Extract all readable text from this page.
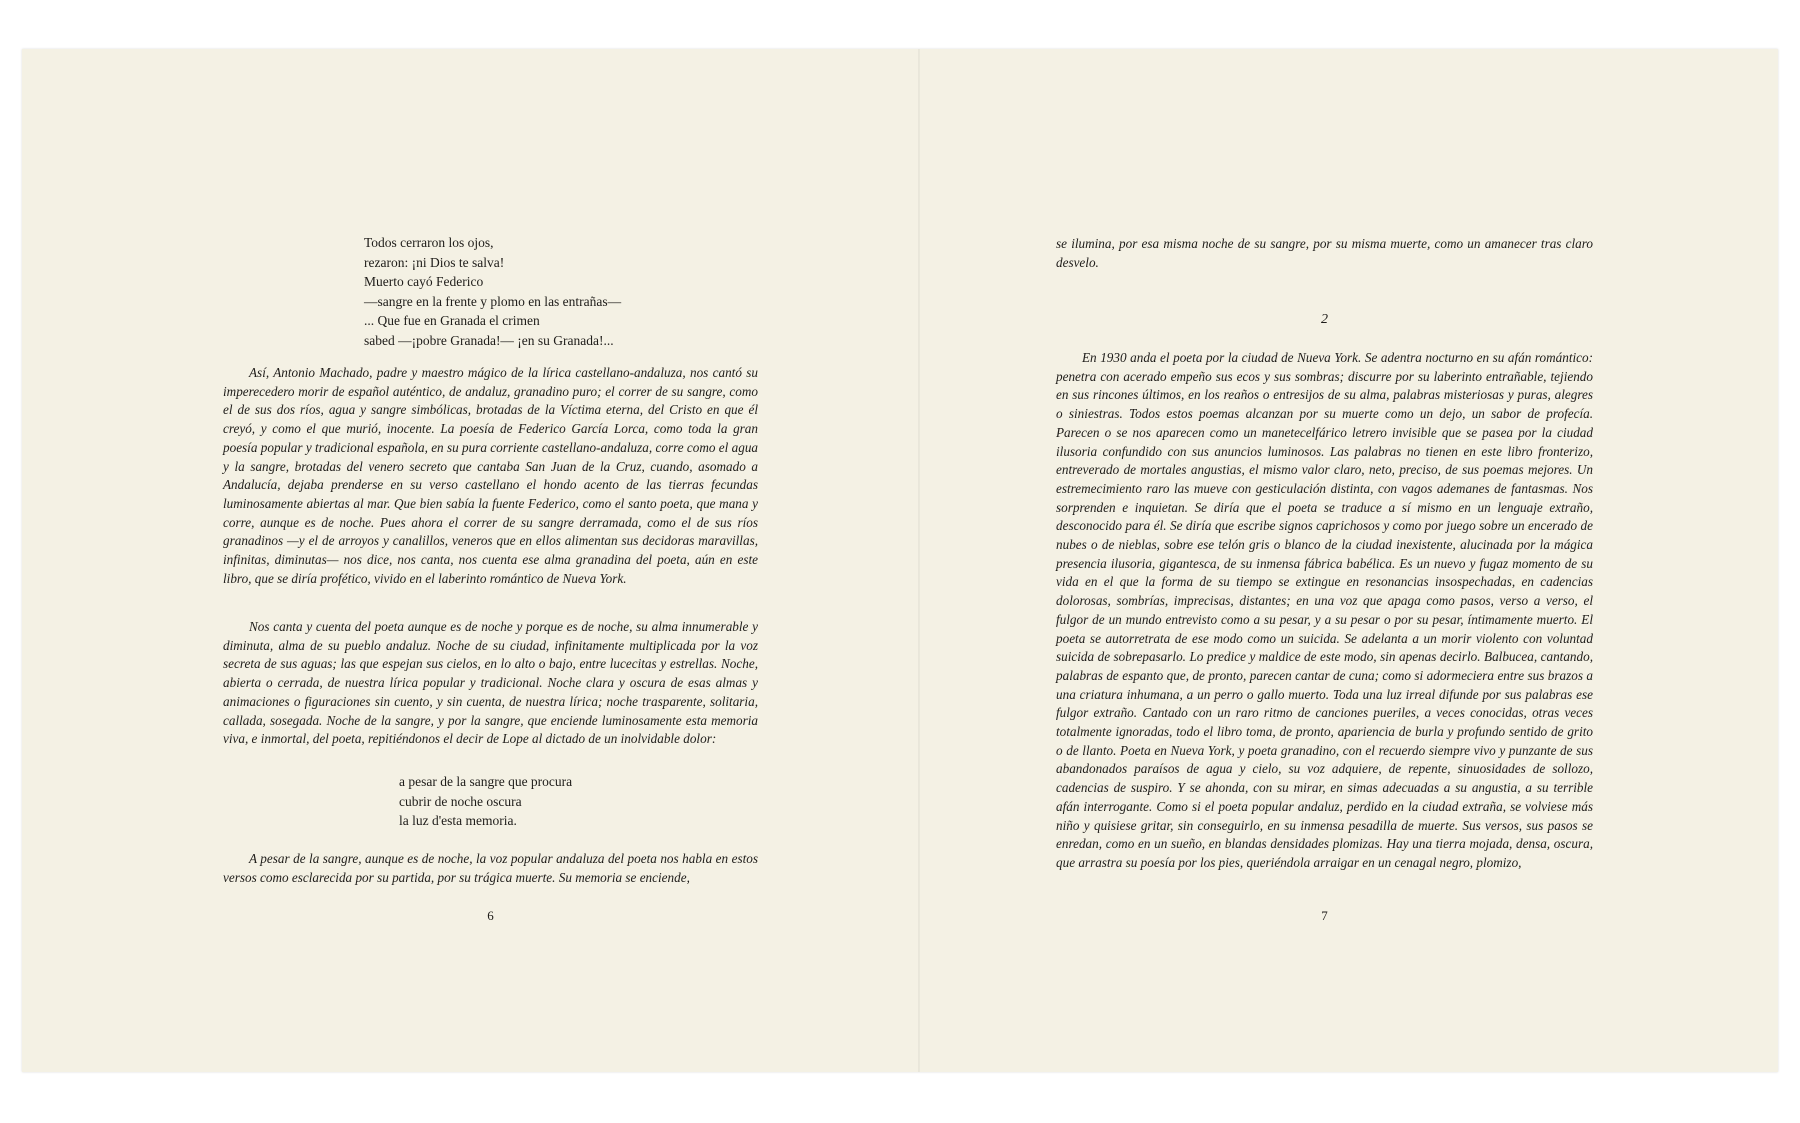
Todos cerraron los ojos,
rezaron: ¡ni Dios te salva!
Muerto cayó Federico
—sangre en la frente y plomo en las entrañas—
... Que fue en Granada el crimen
sabed —¡pobre Granada!— ¡en su Granada!...

Así, Antonio Machado, padre y maestro mágico de la lírica castellano-andaluza, nos cantó su imperecedero morir de español auténtico, de andaluz, granadino puro; el correr de su sangre, como el de sus dos ríos, agua y sangre simbólicas, brotadas de la Víctima eterna, del Cristo en que él creyó, y como el que murió, inocente. La poesía de Federico García Lorca, como toda la gran poesía popular y tradicional española, en su pura corriente castellano-andaluza, corre como el agua y la sangre, brotadas del venero secreto que cantaba San Juan de la Cruz, cuando, asomado a Andalucía, dejaba prenderse en su verso castellano el hondo acento de las tierras fecundas luminosamente abiertas al mar. Que bien sabía la fuente Federico, como el santo poeta, que mana y corre, aunque es de noche. Pues ahora el correr de su sangre derramada, como el de sus ríos granadinos —y el de arroyos y canalillos, veneros que en ellos alimentan sus decidoras maravillas, infinitas, diminutas— nos dice, nos canta, nos cuenta ese alma granadina del poeta, aún en este libro, que se diría profético, vivido en el laberinto romántico de Nueva York.

Nos canta y cuenta del poeta aunque es de noche y porque es de noche, su alma innumerable y diminuta, alma de su pueblo andaluz. Noche de su ciudad, infinitamente multiplicada por la voz secreta de sus aguas; las que espejan sus cielos, en lo alto o bajo, entre lucecitas y estrellas. Noche, abierta o cerrada, de nuestra lírica popular y tradicional. Noche clara y oscura de esas almas y animaciones o figuraciones sin cuento, y sin cuenta, de nuestra lírica; noche trasparente, solitaria, callada, sosegada. Noche de la sangre, y por la sangre, que enciende luminosamente esta memoria viva, e inmortal, del poeta, repitiéndonos el decir de Lope al dictado de un inolvidable dolor:

a pesar de la sangre que procura
cubrir de noche oscura
la luz d'esta memoria.

A pesar de la sangre, aunque es de noche, la voz popular andaluza del poeta nos habla en estos versos como esclarecida por su partida, por su trágica muerte. Su memoria se enciende,

6

se ilumina, por esa misma noche de su sangre, por su misma muerte, como un amanecer tras claro desvelo.

2

En 1930 anda el poeta por la ciudad de Nueva York. Se adentra nocturno en su afán romántico: penetra con acerado empeño sus ecos y sus sombras; discurre por su laberinto entrañable, tejiendo en sus rincones últimos, en los reaños o entresijos de su alma, palabras misteriosas y puras, alegres o siniestras. Todos estos poemas alcanzan por su muerte como un dejo, un sabor de profecía. Parecen o se nos aparecen como un manetecelfárico letrero invisible que se pasea por la ciudad ilusoria confundido con sus anuncios luminosos. Las palabras no tienen en este libro fronterizo, entreverado de mortales angustias, el mismo valor claro, neto, preciso, de sus poemas mejores. Un estremecimiento raro las mueve con gesticulación distinta, con vagos ademanes de fantasmas. Nos sorprenden e inquietan. Se diría que el poeta se traduce a sí mismo en un lenguaje extraño, desconocido para él. Se diría que escribe signos caprichosos y como por juego sobre un encerado de nubes o de nieblas, sobre ese telón gris o blanco de la ciudad inexistente, alucinada por la mágica presencia ilusoria, gigantesca, de su inmensa fábrica babélica. Es un nuevo y fugaz momento de su vida en el que la forma de su tiempo se extingue en resonancias insospechadas, en cadencias dolorosas, sombrías, imprecisas, distantes; en una voz que apaga como pasos, verso a verso, el fulgor de un mundo entrevisto como a su pesar, y a su pesar o por su pesar, íntimamente muerto. El poeta se autorretrata de ese modo como un suicida. Se adelanta a un morir violento con voluntad suicida de sobrepasarlo. Lo predice y maldice de este modo, sin apenas decirlo. Balbucea, cantando, palabras de espanto que, de pronto, parecen cantar de cuna; como si adormeciera entre sus brazos a una criatura inhumana, a un perro o gallo muerto. Toda una luz irreal difunde por sus palabras ese fulgor extraño. Cantado con un raro ritmo de canciones pueriles, a veces conocidas, otras veces totalmente ignoradas, todo el libro toma, de pronto, apariencia de burla y profundo sentido de grito o de llanto. Poeta en Nueva York, y poeta granadino, con el recuerdo siempre vivo y punzante de sus abandonados paraísos de agua y cielo, su voz adquiere, de repente, sinuosidades de sollozo, cadencias de suspiro. Y se ahonda, con su mirar, en simas adecuadas a su angustia, a su terrible afán interrogante. Como si el poeta popular andaluz, perdido en la ciudad extraña, se volviese más niño y quisiese gritar, sin conseguirlo, en su inmensa pesadilla de muerte. Sus versos, sus pasos se enredan, como en un sueño, en blandas densidades plomizas. Hay una tierra mojada, densa, oscura, que arrastra su poesía por los pies, queriéndola arraigar en un cenagal negro, plomizo,

7
